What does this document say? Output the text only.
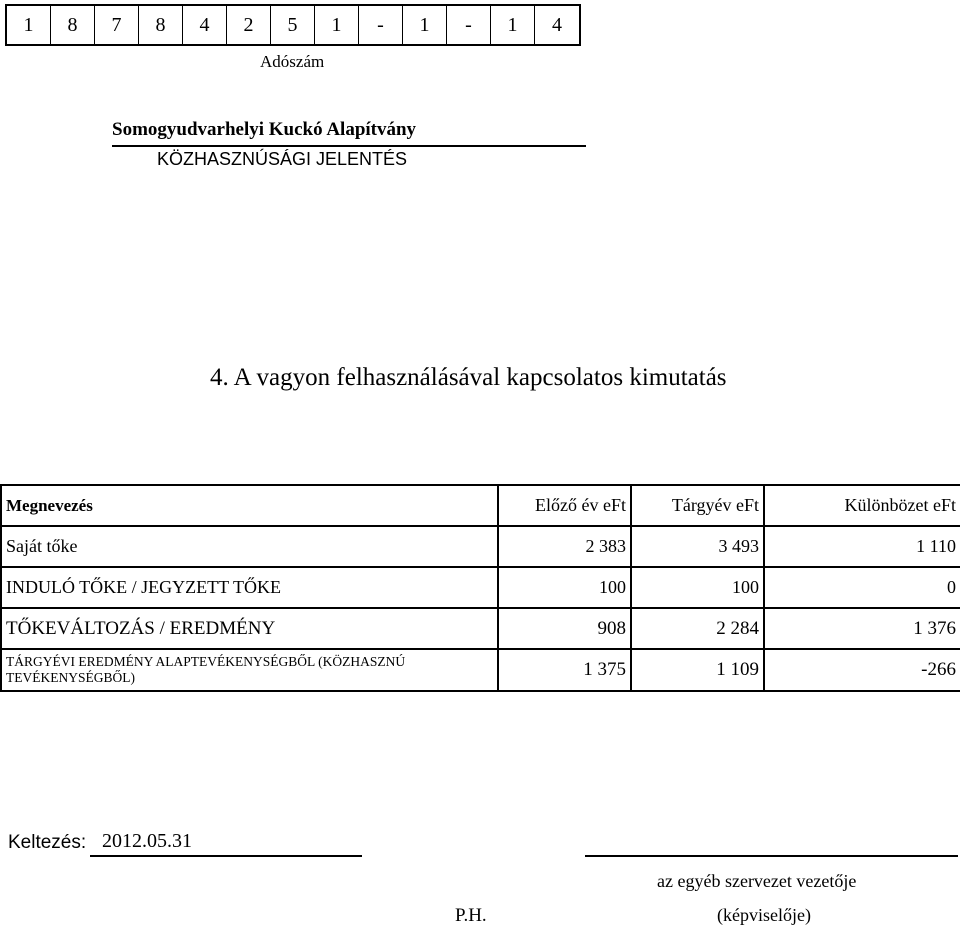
1	8	7	8	4	2	5	1	-	1	-	1	4
Adószám
Somogyudvarhelyi Kuckó Alapítvány
KÖZHASZNÚSÁGI JELENTÉS
4. A vagyon felhasználásával kapcsolatos kimutatás
Megnevezés	Előző év eFt	Tárgyév eFt	Különbözet eFt
Saját tőke	2 383	3 493	1 110
INDULÓ TŐKE / JEGYZETT TŐKE	100	100	0
TŐKEVÁLTOZÁS / EREDMÉNY	908	2 284	1 376
TÁRGYÉVI EREDMÉNY ALAPTEVÉKENYSÉGBŐL (KÖZHASZNÚ TEVÉKENYSÉGBŐL)	1 375	1 109	-266
Keltezés: 2012.05.31
az egyéb szervezet vezetője
(képviselője)
P.H.
